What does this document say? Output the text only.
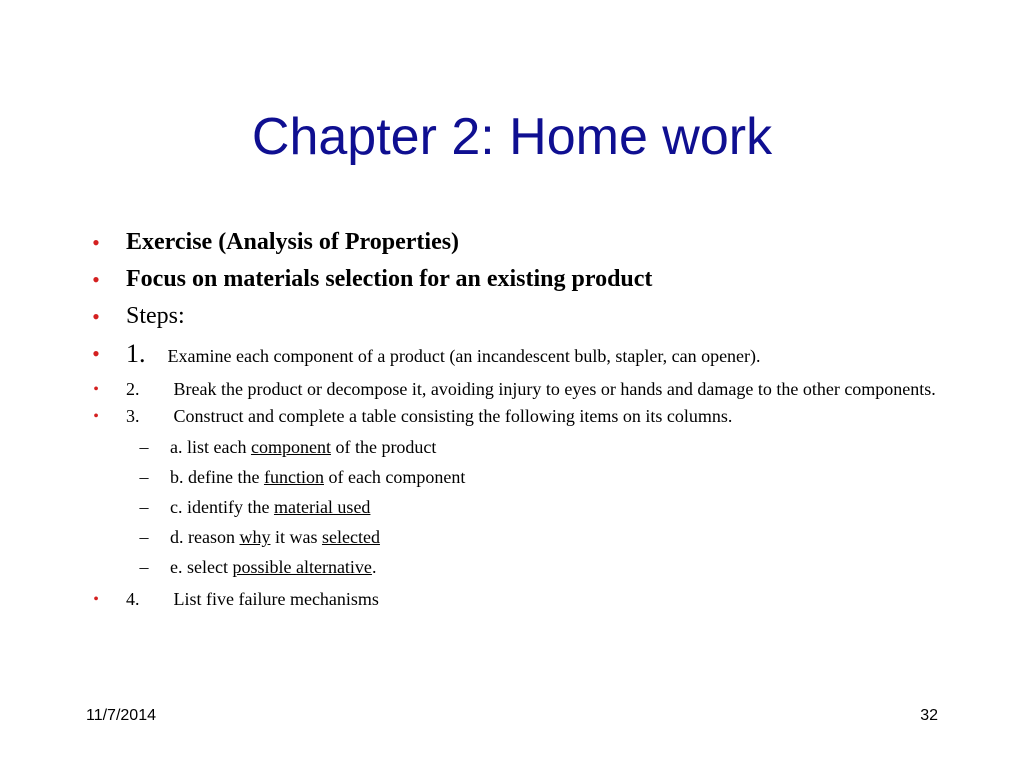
Chapter 2: Home work
• Exercise (Analysis of Properties)
• Focus on materials selection for an existing product
• Steps:
• 1. Examine each component of a product (an incandescent bulb, stapler, can opener).
•	2. Break the product or decompose it, avoiding injury to eyes or hands and damage to the other components.
•	3. Construct and complete a table consisting the following items on its columns.
– a. list each component of the product
– b. define the function of each component
– c. identify the material used
– d. reason why it was selected
– e. select possible alternative.
•	4. List five failure mechanisms
11/7/2014	32
